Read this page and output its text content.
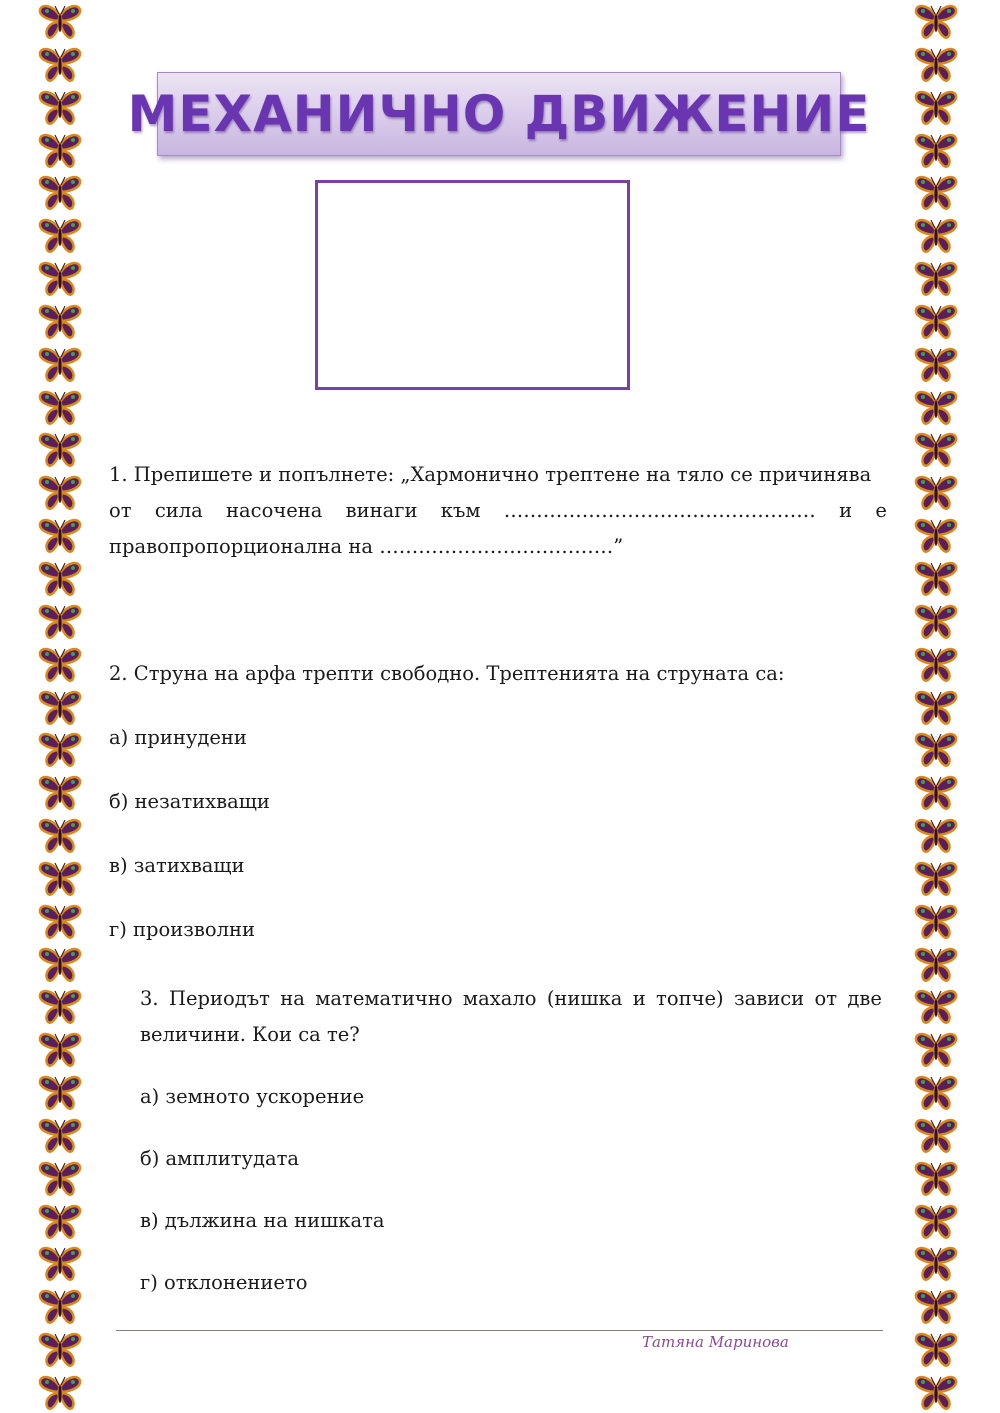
МЕХАНИЧНО ДВИЖЕНИЕ
1. Препишете и попълнете: „Хармонично трептене на тяло се причинява
от сила насочена винаги към ………………………………………… и е
правопропорционална на ………………………………”

2. Струна на арфа трепти свободно. Трептенията на струната са:

а) принудени

б) незатихващи

в) затихващи

г) произволни

3. Периодът на математично махало (нишка и топче) зависи от две

величини. Кои са те?

а) земното ускорение

б) амплитудата

в) дължина на нишката

г) отклонението

Татяна Маринова
